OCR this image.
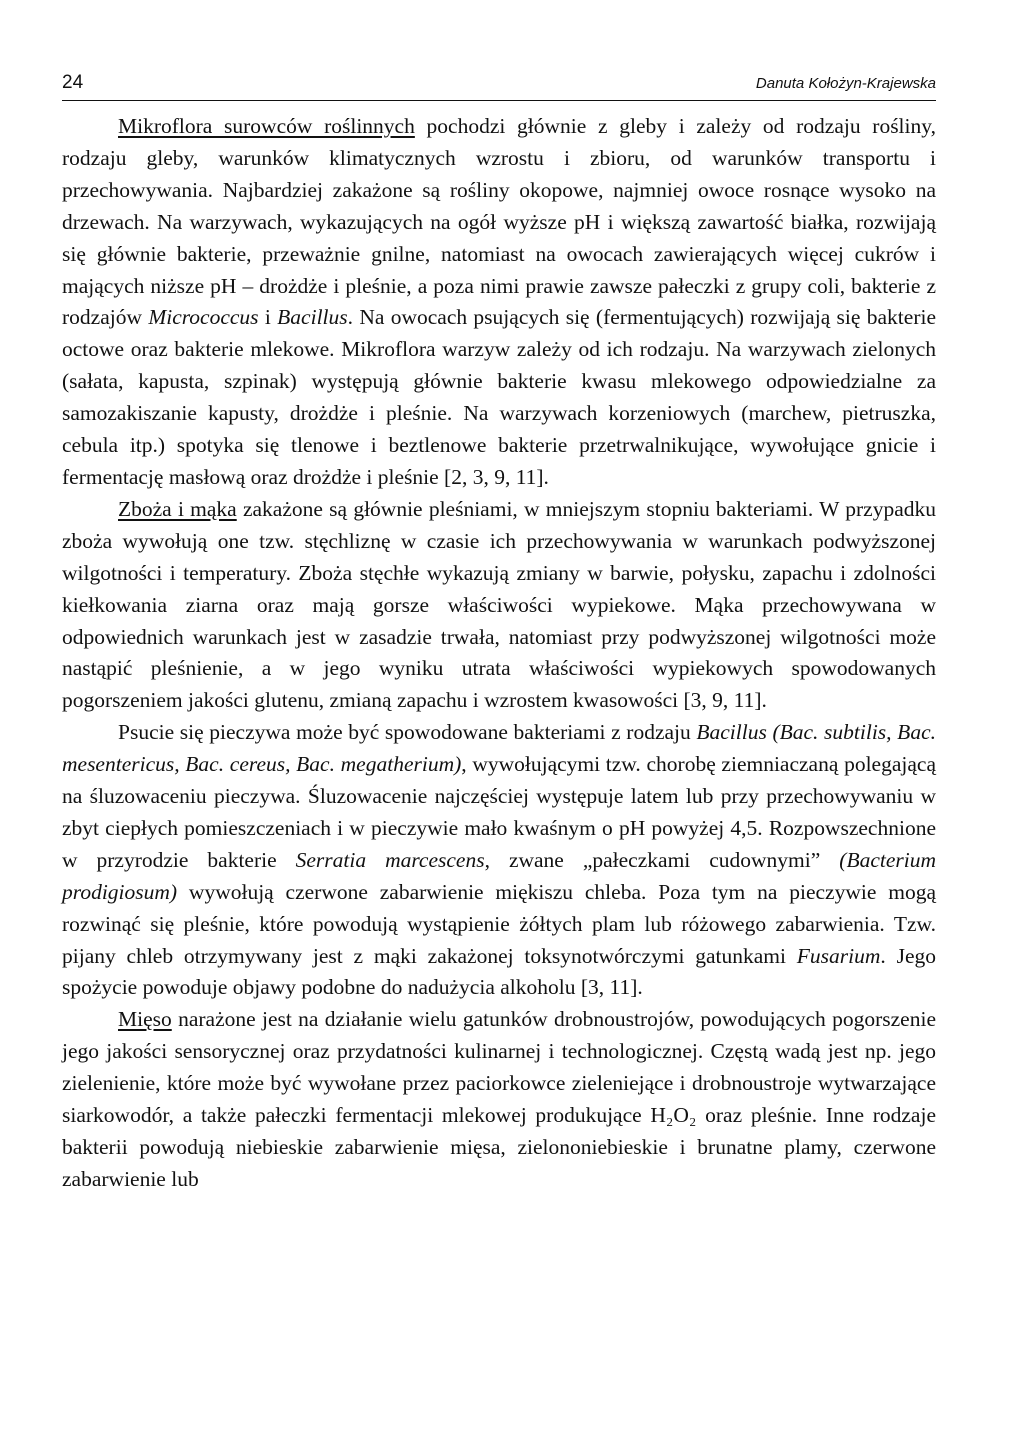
24	Danuta Kołożyn-Krajewska

Mikroflora surowców roślinnych pochodzi głównie z gleby i zależy od rodzaju rośliny, rodzaju gleby, warunków klimatycznych wzrostu i zbioru, od warunków transportu i przechowywania. Najbardziej zakażone są rośliny okopowe, najmniej owoce rosnące wysoko na drzewach. Na warzywach, wykazujących na ogół wyższe pH i większą zawartość białka, rozwijają się głównie bakterie, przeważnie gnilne, natomiast na owocach zawierających więcej cukrów i mających niższe pH – drożdże i pleśnie, a poza nimi prawie zawsze pałeczki z grupy coli, bakterie z rodzajów Micrococcus i Bacillus. Na owocach psujących się (fermentujących) rozwijają się bakterie octowe oraz bakterie mlekowe. Mikroflora warzyw zależy od ich rodzaju. Na warzywach zielonych (sałata, kapusta, szpinak) występują głównie bakterie kwasu mlekowego odpowiedzialne za samozakiszanie kapusty, drożdże i pleśnie. Na warzywach korzeniowych (marchew, pietruszka, cebula itp.) spotyka się tlenowe i beztlenowe bakterie przetrwalnikujące, wywołujące gnicie i fermentację masłową oraz drożdże i pleśnie [2, 3, 9, 11].

Zboża i mąka zakażone są głównie pleśniami, w mniejszym stopniu bakteriami. W przypadku zboża wywołują one tzw. stęchliznę w czasie ich przechowywania w warunkach podwyższonej wilgotności i temperatury. Zboża stęchłe wykazują zmiany w barwie, połysku, zapachu i zdolności kiełkowania ziarna oraz mają gorsze właściwości wypiekowe. Mąka przechowywana w odpowiednich warunkach jest w zasadzie trwała, natomiast przy podwyższonej wilgotności może nastąpić pleśnienie, a w jego wyniku utrata właściwości wypiekowych spowodowanych pogorszeniem jakości glutenu, zmianą zapachu i wzrostem kwasowości [3, 9, 11].

Psucie się pieczywa może być spowodowane bakteriami z rodzaju Bacillus (Bac. subtilis, Bac. mesentericus, Bac. cereus, Bac. megatherium), wywołującymi tzw. chorobę ziemniaczaną polegającą na śluzowaceniu pieczywa. Śluzowacenie najczęściej występuje latem lub przy przechowywaniu w zbyt ciepłych pomieszczeniach i w pieczywie mało kwaśnym o pH powyżej 4,5. Rozpowszechnione w przyrodzie bakterie Serratia marcescens, zwane „pałeczkami cudownymi” (Bacterium prodigiosum) wywołują czerwone zabarwienie miękiszu chleba. Poza tym na pieczywie mogą rozwinąć się pleśnie, które powodują wystąpienie żółtych plam lub różowego zabarwienia. Tzw. pijany chleb otrzymywany jest z mąki zakażonej toksynotwórczymi gatunkami Fusarium. Jego spożycie powoduje objawy podobne do nadużycia alkoholu [3, 11].

Mięso narażone jest na działanie wielu gatunków drobnoustrojów, powodujących pogorszenie jego jakości sensorycznej oraz przydatności kulinarnej i technologicznej. Częstą wadą jest np. jego zielenienie, które może być wywołane przez paciorkowce zieleniejące i drobnoustroje wytwarzające siarkowodór, a także pałeczki fermentacji mlekowej produkujące H₂O₂ oraz pleśnie. Inne rodzaje bakterii powodują niebieskie zabarwienie mięsa, zielononiebieskie i brunatne plamy, czerwone zabarwienie lub
